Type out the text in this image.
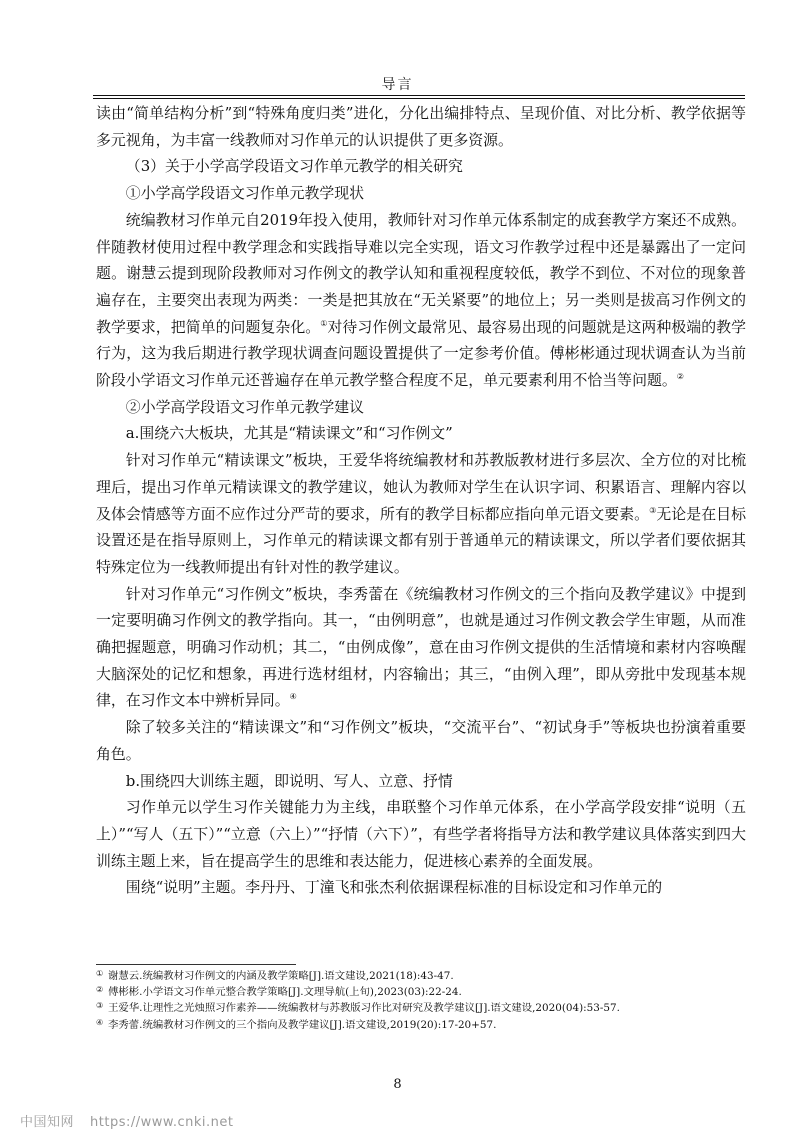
导言

读由“简单结构分析”到“特殊角度归类”进化，分化出编排特点、呈现价值、对比分析、教学依据等多元视角，为丰富一线教师对习作单元的认识提供了更多资源。

（3）关于小学高学段语文习作单元教学的相关研究

①小学高学段语文习作单元教学现状

统编教材习作单元自2019年投入使用，教师针对习作单元体系制定的成套教学方案还不成熟。伴随教材使用过程中教学理念和实践指导难以完全实现，语文习作教学过程中还是暴露出了一定问题。谢慧云提到现阶段教师对习作例文的教学认知和重视程度较低，教学不到位、不对位的现象普遍存在，主要突出表现为两类：一类是把其放在“无关紧要”的地位上；另一类则是拔高习作例文的教学要求，把简单的问题复杂化。①对待习作例文最常见、最容易出现的问题就是这两种极端的教学行为，这为我后期进行教学现状调查问题设置提供了一定参考价值。傅彬彬通过现状调查认为当前阶段小学语文习作单元还普遍存在单元教学整合程度不足，单元要素利用不恰当等问题。②

②小学高学段语文习作单元教学建议

a.围绕六大板块，尤其是“精读课文”和“习作例文”

针对习作单元“精读课文”板块，王爱华将统编教材和苏教版教材进行多层次、全方位的对比梳理后，提出习作单元精读课文的教学建议，她认为教师对学生在认识字词、积累语言、理解内容以及体会情感等方面不应作过分严苛的要求，所有的教学目标都应指向单元语文要素。③无论是在目标设置还是在指导原则上，习作单元的精读课文都有别于普通单元的精读课文，所以学者们要依据其特殊定位为一线教师提出有针对性的教学建议。

针对习作单元“习作例文”板块，李秀蕾在《统编教材习作例文的三个指向及教学建议》中提到一定要明确习作例文的教学指向。其一，“由例明意”，也就是通过习作例文教会学生审题，从而准确把握题意，明确习作动机；其二，“由例成像”，意在由习作例文提供的生活情境和素材内容唤醒大脑深处的记忆和想象，再进行选材组材，内容输出；其三，“由例入理”，即从旁批中发现基本规律，在习作文本中辨析异同。④

除了较多关注的“精读课文”和“习作例文”板块，“交流平台”、“初试身手”等板块也扮演着重要角色。

b.围绕四大训练主题，即说明、写人、立意、抒情

习作单元以学生习作关键能力为主线，串联整个习作单元体系，在小学高学段安排“说明（五上）”“写人（五下）”“立意（六上）”“抒情（六下）”，有些学者将指导方法和教学建议具体落实到四大训练主题上来，旨在提高学生的思维和表达能力，促进核心素养的全面发展。

围绕“说明”主题。李丹丹、丁潼飞和张杰利依据课程标准的目标设定和习作单元的

① 谢慧云.统编教材习作例文的内涵及教学策略[J].语文建设,2021(18):43-47.
② 傅彬彬.小学语文习作单元整合教学策略[J].文理导航(上旬),2023(03):22-24.
③ 王爱华.让理性之光烛照习作素养——统编教材与苏教版习作比对研究及教学建议[J].语文建设,2020(04):53-57.
④ 李秀蕾.统编教材习作例文的三个指向及教学建议[J].语文建设,2019(20):17-20+57.
8
中国知网 https://www.cnki.net
